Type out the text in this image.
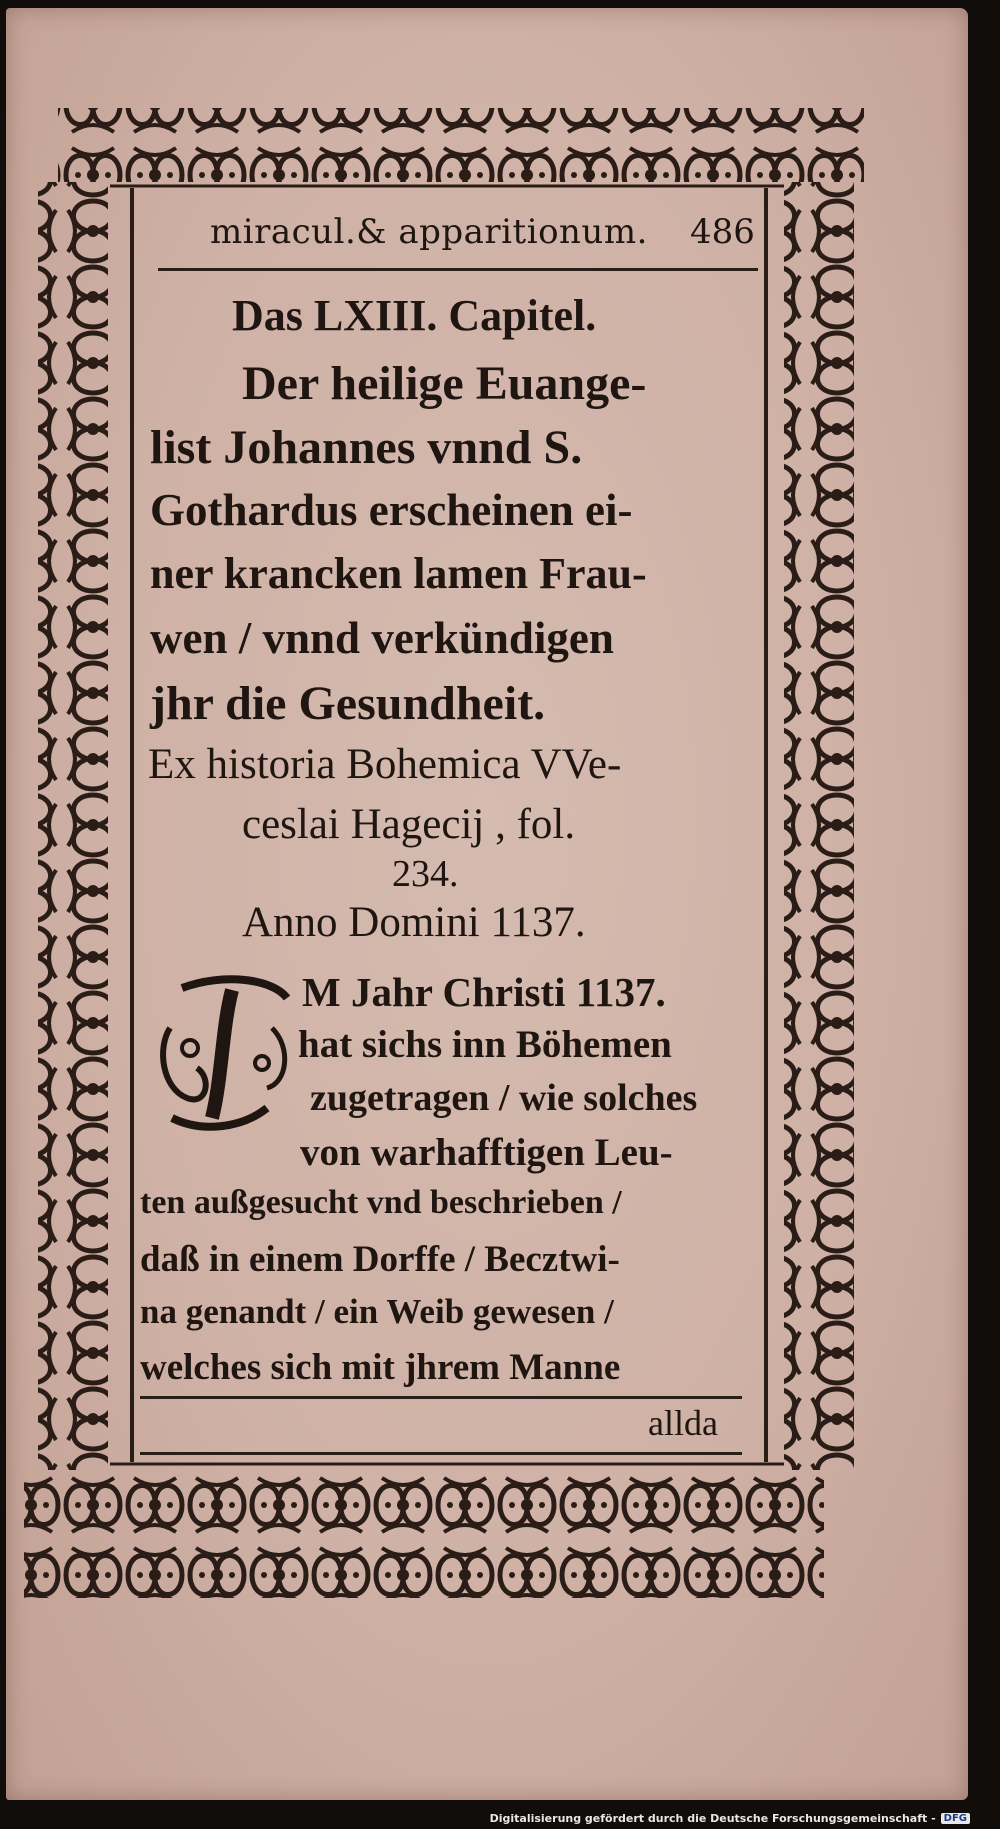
miracul.& apparitionum. 486
Das LXIII. Capitel.
Der heilige Euange-
list Johannes vnnd S.
Gothardus erscheinen ei-
ner krancken lamen Frau-
wen / vnnd verkündigen
jhr die Gesundheit.
Ex historia Bohemica VVe-
ceslai Hagecij , fol.
234.
Anno Domini 1137.
M Jahr Christi 1137.
hat sichs inn Böhemen
zugetragen / wie solches
von warhafftigen Leu-
ten außgesucht vnd beschrieben /
daß in einem Dorffe / Becztwi-
na genandt / ein Weib gewesen /
welches sich mit jhrem Manne
allda
Digitalisierung gefördert durch die Deutsche Forschungsgemeinschaft - DFG
